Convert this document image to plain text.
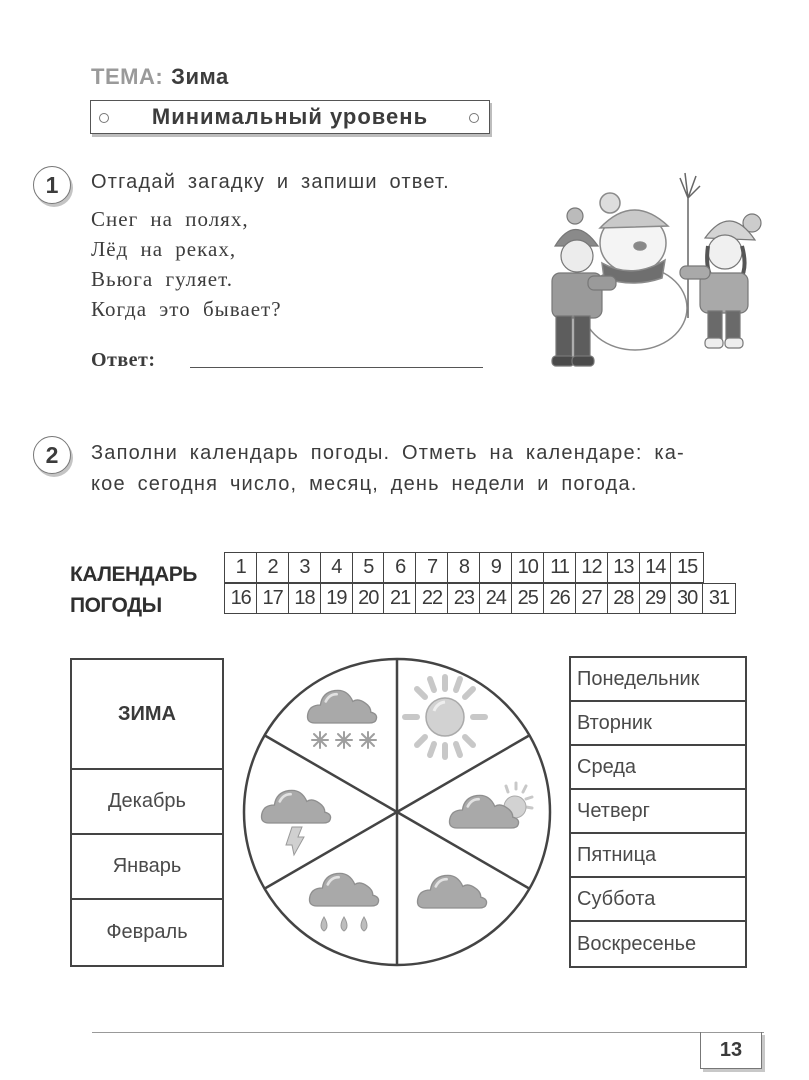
ТЕМА: Зима
Минимальный уровень
1	Отгадай загадку и запиши ответ.
Снег на полях,
Лёд на реках,
Вьюга гуляет.
Когда это бывает?
Ответ:
2	Заполни календарь погоды. Отметь на календаре: ка-
кое сегодня число, месяц, день недели и погода.
КАЛЕНДАРЬ
ПОГОДЫ
1	2	3	4	5	6	7	8	9 10 11 12 13 14 15
16 17 18 19 20 21 22 23 24 25 26 27 28 29 30 31
ЗИМА
Декабрь
Январь
Февраль
Понедельник
Вторник
Среда
Четверг
Пятница
Суббота
Воскресенье
13
